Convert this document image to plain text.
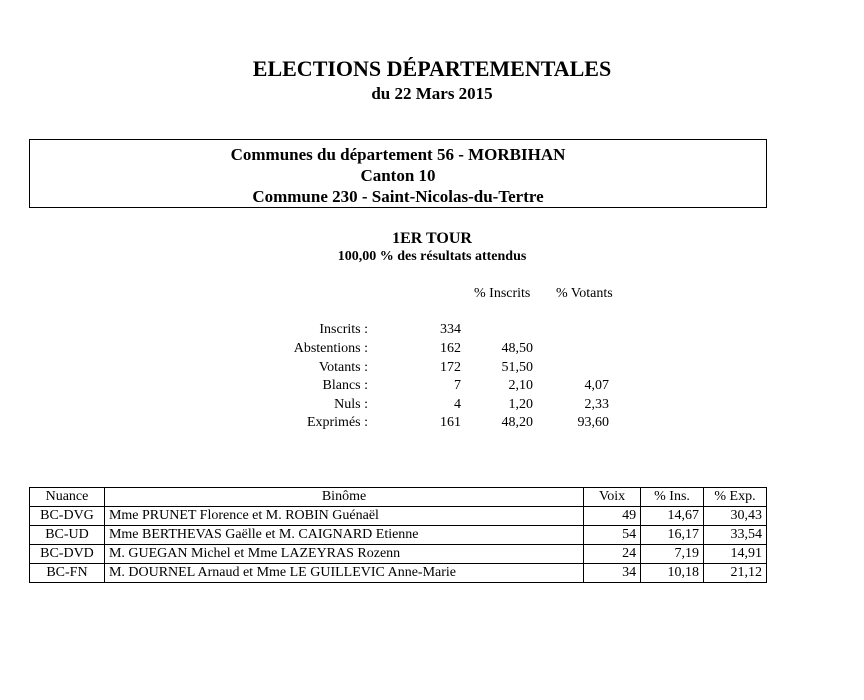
ELECTIONS DÉPARTEMENTALES
du 22 Mars 2015
Communes du département 56 - MORBIHAN
Canton 10
Commune 230 - Saint-Nicolas-du-Tertre
1ER TOUR
100,00 % des résultats attendus
% Inscrits % Votants
Inscrits :	334
Abstentions :	162	48,50
Votants :	172	51,50
Blancs :	7	2,10	4,07
Nuls :	4	1,20	2,33
Exprimés :	161	48,20	93,60
Nuance	Binôme	Voix	% Ins.	% Exp.
BC-DVG	Mme PRUNET Florence et M. ROBIN Guénaël	49	14,67	30,43
BC-UD	Mme BERTHEVAS Gaëlle et M. CAIGNARD Etienne	54	16,17	33,54
BC-DVD	M. GUEGAN Michel et Mme LAZEYRAS Rozenn	24	7,19	14,91
BC-FN	M. DOURNEL Arnaud et Mme LE GUILLEVIC Anne-Marie	34	10,18	21,12
